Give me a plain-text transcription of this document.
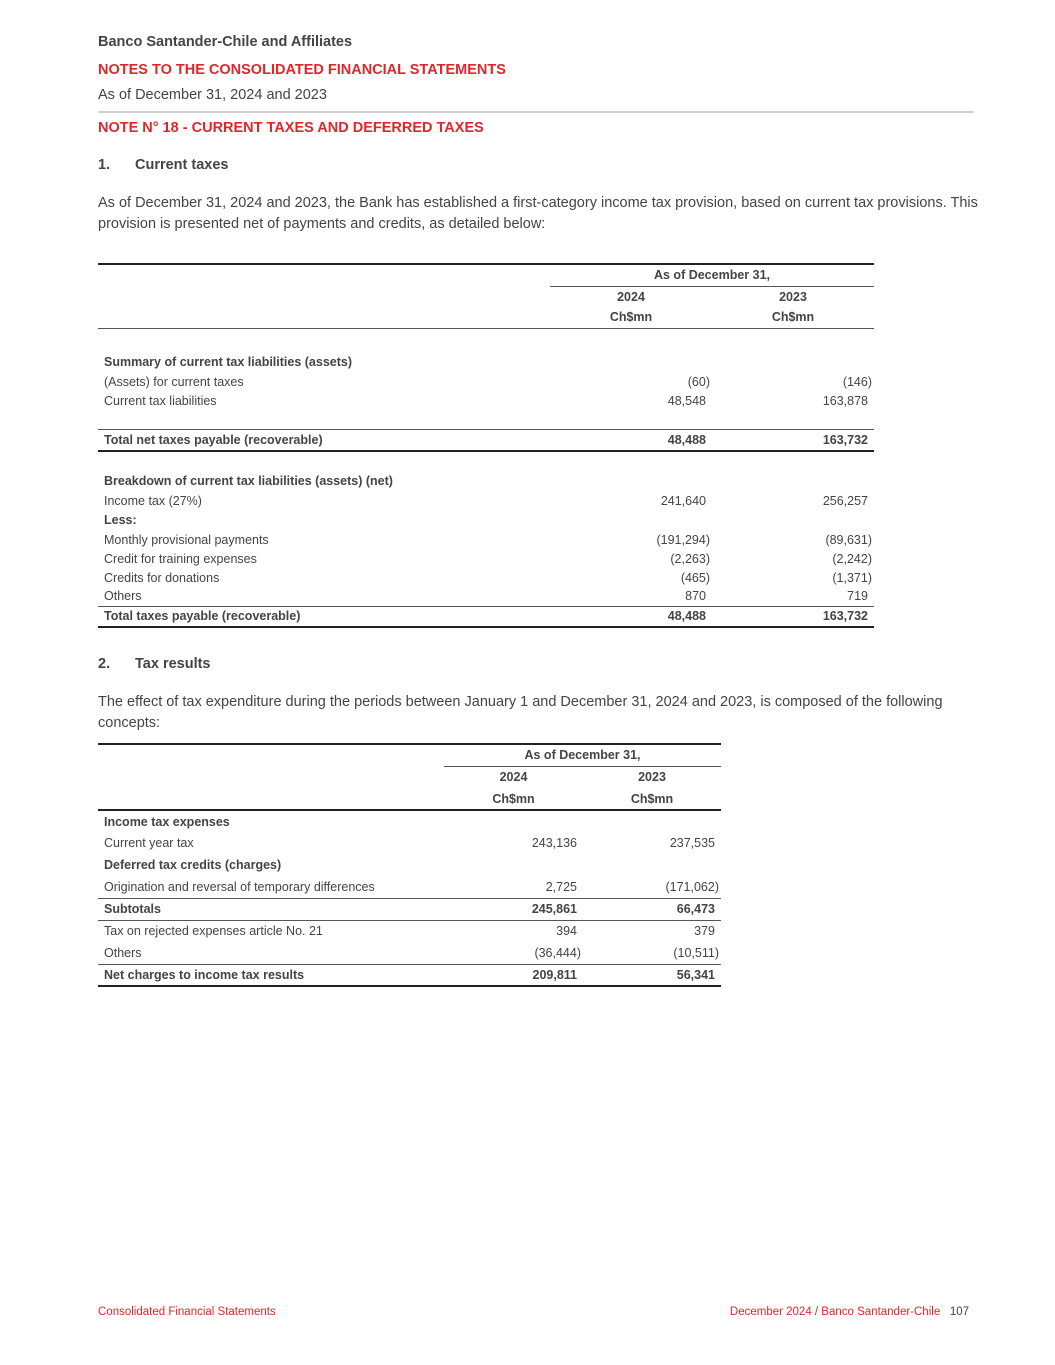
Banco Santander-Chile and Affiliates
NOTES TO THE CONSOLIDATED FINANCIAL STATEMENTS
As of December 31, 2024 and 2023
NOTE N° 18 - CURRENT TAXES AND DEFERRED TAXES
1. Current taxes
As of December 31, 2024 and 2023, the Bank has established a first-category income tax provision, based on current tax provisions. This provision is presented net of payments and credits, as detailed below:
	As of December 31,	
	2024	2023
	Ch$mn	Ch$mn

Summary of current tax liabilities (assets)		
(Assets) for current taxes	(60)	(146)
Current tax liabilities	48,548	163,878

Total net taxes payable (recoverable)	48,488	163,732

Breakdown of current tax liabilities (assets) (net)		
Income tax (27%)	241,640	256,257
Less:		
Monthly provisional payments	(191,294)	(89,631)
Credit for training expenses	(2,263)	(2,242)
Credits for donations	(465)	(1,371)
Others	870	719
Total taxes payable (recoverable)	48,488	163,732
2. Tax results
The effect of tax expenditure during the periods between January 1 and December 31, 2024 and 2023, is composed of the following concepts:
	As of December 31,	
	2024	2023
	Ch$mn	Ch$mn
Income tax expenses		
Current year tax	243,136	237,535
Deferred tax credits (charges)		
Origination and reversal of temporary differences	2,725	(171,062)
Subtotals	245,861	66,473
Tax on rejected expenses article No. 21	394	379
Others	(36,444)	(10,511)
Net charges to income tax results	209,811	56,341
Consolidated Financial Statements	December 2024 / Banco Santander-Chile 107
